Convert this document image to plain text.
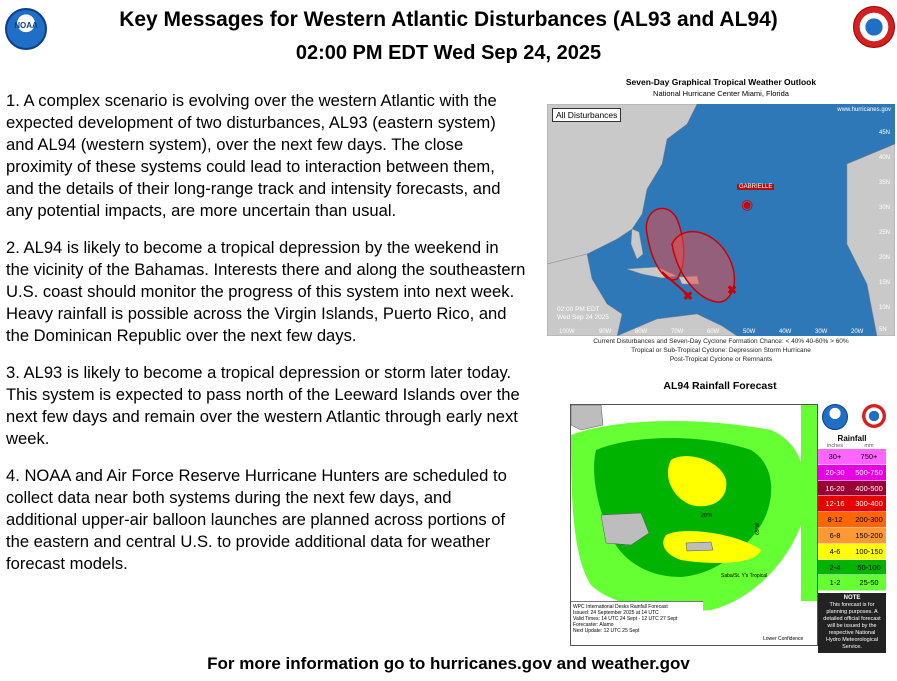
Key Messages for Western Atlantic Disturbances (AL93 and AL94)
02:00 PM EDT Wed Sep 24, 2025
NOAA

1. A complex scenario is evolving over the western Atlantic with the expected development of two disturbances, AL93 (eastern system) and AL94 (western system), over the next few days. The close proximity of these systems could lead to interaction between them, and the details of their long-range track and intensity forecasts, and any potential impacts, are more uncertain than usual.

2. AL94 is likely to become a tropical depression by the weekend in the vicinity of the Bahamas. Interests there and along the southeastern U.S. coast should monitor the progress of this system into next week. Heavy rainfall is possible across the Virgin Islands, Puerto Rico, and the Dominican Republic over the next few days.

3. AL93 is likely to become a tropical depression or storm later today. This system is expected to pass north of the Leeward Islands over the next few days and remain over the western Atlantic through early next week.

4. NOAA and Air Force Reserve Hurricane Hunters are scheduled to collect data near both systems during the next few days, and additional upper-air balloon launches are planned across portions of the eastern and central U.S. to provide additional data for weather forecast models.

Seven-Day Graphical Tropical Weather Outlook
National Hurricane Center Miami, Florida
✖	✖
◉
45N
40N
35N
30N
25N
20N
15N
10N
5N
100W	90W	80W	70W	60W	50W	40W	30W	20W
All Disturbances	www.hurricanes.gov
02:00 PM EDT
Wed Sep 24 2025
GABRIELLE
Current Disturbances and Seven-Day Cyclone Formation Chance: < 40% 40-60% > 60%
Tropical or Sub-Tropical Cyclone: Depression Storm Hurricane
Post-Tropical Cyclone or Remnants
AL94 Rainfall Forecast
20°N
65°W
Saba/St. Y's Tropical
WPC International Desks Rainfall Forecast
Issued: 24 September 2025 at 14 UTC
Valid Times: 14 UTC 24 Sept - 12 UTC 27 Sept
Forecaster: Alamo
Next Update: 12 UTC 25 Sept
Lower Confidence
Rainfall
inches	mm
30+	750+
20-30	500-750
16-20	400-500
12-16	300-400
8-12	200-300
6-8	150-200
4-6	100-150
2-4	50-100
1-2	25-50
NOTE
This forecast is for planning purposes. A detailed official forecast will be issued by the respective National Hydro Meteorological Service.
For more information go to hurricanes.gov and weather.gov
